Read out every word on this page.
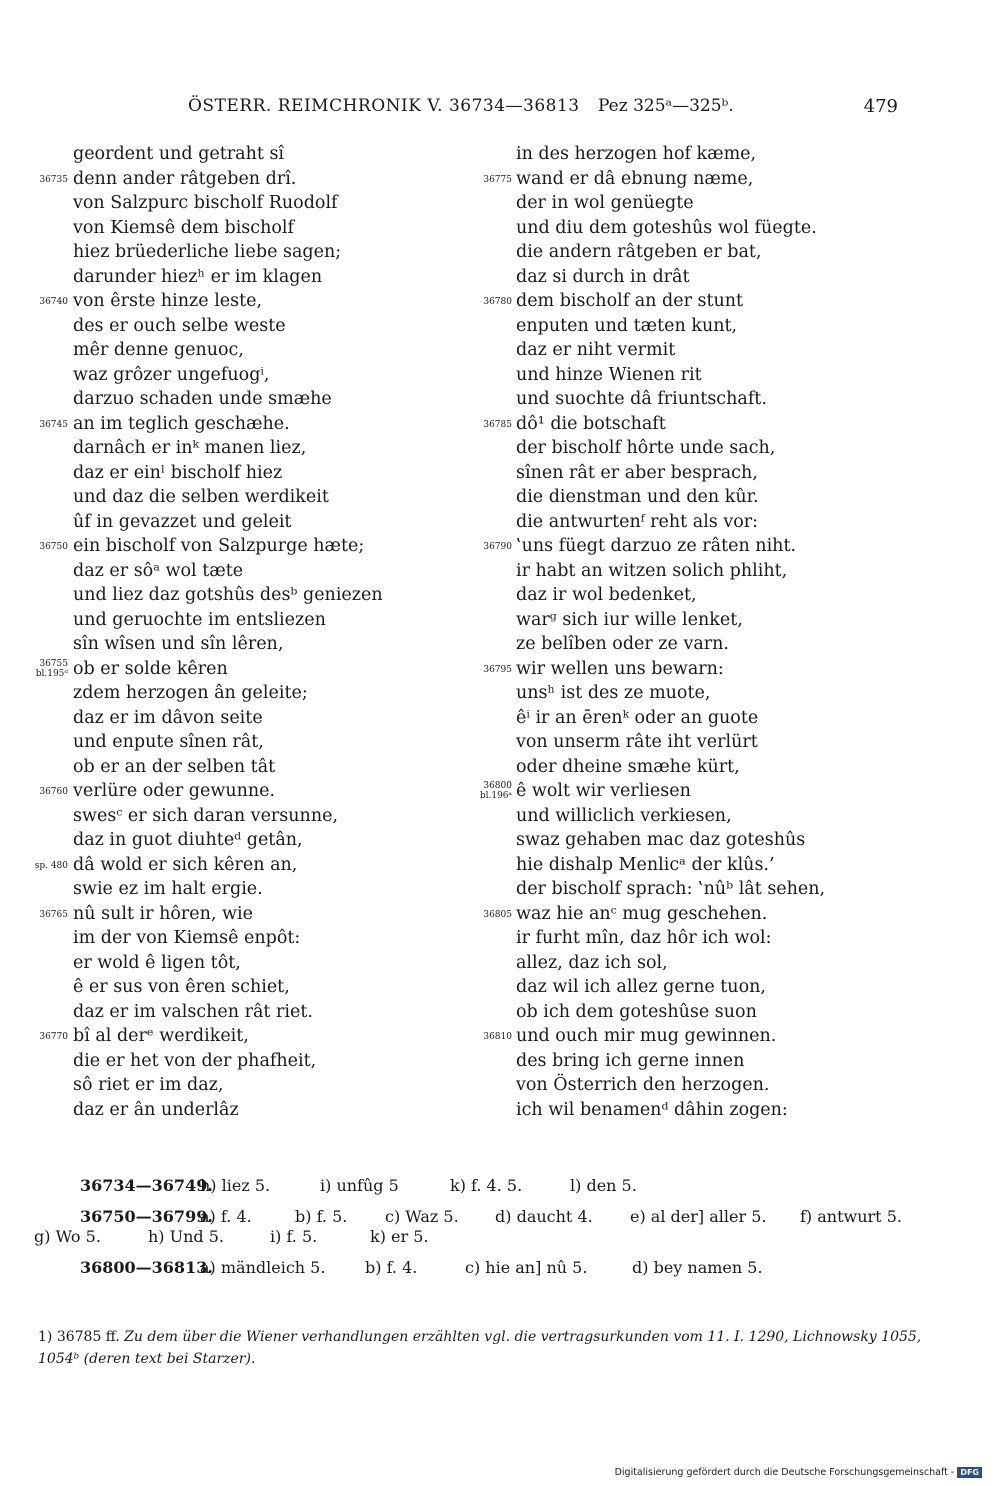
ÖSTERR. REIMCHRONIK V. 36734—36813 Pez 325ᵃ—325ᵇ.	479
geordent und getraht sî
36735 denn ander râtgeben drî.
von Salzpurc bischolf Ruodolf
von Kiemsê dem bischolf
hiez brüederliche liebe sagen;
darunder hiezʰ er im klagen
36740 von êrste hinze leste,
des er ouch selbe weste
mêr denne genuoc,
waz grôzer ungefuogⁱ,
darzuo schaden unde smæhe
36745 an im teglich geschæhe.
darnâch er inᵏ manen liez,
daz er einˡ bischolf hiez
und daz die selben werdikeit
ûf in gevazzet und geleit
36750 ein bischolf von Salzpurge hæte;
daz er sôᵃ wol tæte
und liez daz gotshûs desᵇ geniezen
und geruochte im entsliezen
sîn wîsen und sîn lêren,
36755
bl.195ᵈ ob er solde kêren
zdem herzogen ân geleite;
daz er im dâvon seite
und enpute sînen rât,
ob er an der selben tât
36760 verlüre oder gewunne.
swesᶜ er sich daran versunne,
daz in guot diuhteᵈ getân,
sp. 480 dâ wold er sich kêren an,
swie ez im halt ergie.
36765 nû sult ir hôren, wie
im der von Kiemsê enpôt:
er wold ê ligen tôt,
ê er sus von êren schiet,
daz er im valschen rât riet.
36770 bî al derᵉ werdikeit,
die er het von der phafheit,
sô riet er im daz,
daz er ân underlâz
in des herzogen hof kæme,
36775 wand er dâ ebnung næme,
der in wol genüegte
und diu dem goteshûs wol füegte.
die andern râtgeben er bat,
daz si durch in drât
36780 dem bischolf an der stunt
enputen und tæten kunt,
daz er niht vermit
und hinze Wienen rit
und suochte dâ friuntschaft.
36785 dô¹ die botschaft
der bischolf hôrte unde sach,
sînen rât er aber besprach,
die dienstman und den kûr.
die antwurtenᶠ reht als vor:
36790 ‛uns füegt darzuo ze râten niht.
ir habt an witzen solich phliht,
daz ir wol bedenket,
warᵍ sich iur wille lenket,
ze belîben oder ze varn.
36795 wir wellen uns bewarn:
unsʰ ist des ze muote,
êⁱ ir an ērenᵏ oder an guote
von unserm râte iht verlürt
oder dheine smæhe kürt,
36800
bl.196ᵃ ê wolt wir verliesen
und williclich verkiesen,
swaz gehaben mac daz goteshûs
hie dishalp Menlicᵃ der klûs.’
der bischolf sprach: ‛nûᵇ lât sehen,
36805 waz hie anᶜ mug geschehen.
ir furht mîn, daz hôr ich wol:
allez, daz ich sol,
daz wil ich allez gerne tuon,
ob ich dem goteshûse suon
36810 und ouch mir mug gewinnen.
des bring ich gerne innen
von Österrich den herzogen.
ich wil benamenᵈ dâhin zogen:
36734—36749.
h) liez 5.	i) unfûg 5	k) f. 4. 5.	l) den 5.
36750—36799.
a) f. 4.	b) f. 5. c) Waz 5. d) daucht 4. e) al der] aller 5. f) antwurt 5.
g) Wo 5.	h) Und 5.	i) f. 5.	k) er 5.
36800—36813.
a) mändleich 5. b) f. 4.	c) hie an] nû 5.	d) bey namen 5.
1) 36785 ff. Zu dem über die Wiener verhandlungen erzählten vgl. die vertragsurkunden vom 11. I. 1290, Lichnowsky 1055, 1054ᵇ (deren text bei Starzer).
Digitalisierung gefördert durch die Deutsche Forschungsgemeinschaft - DFG
